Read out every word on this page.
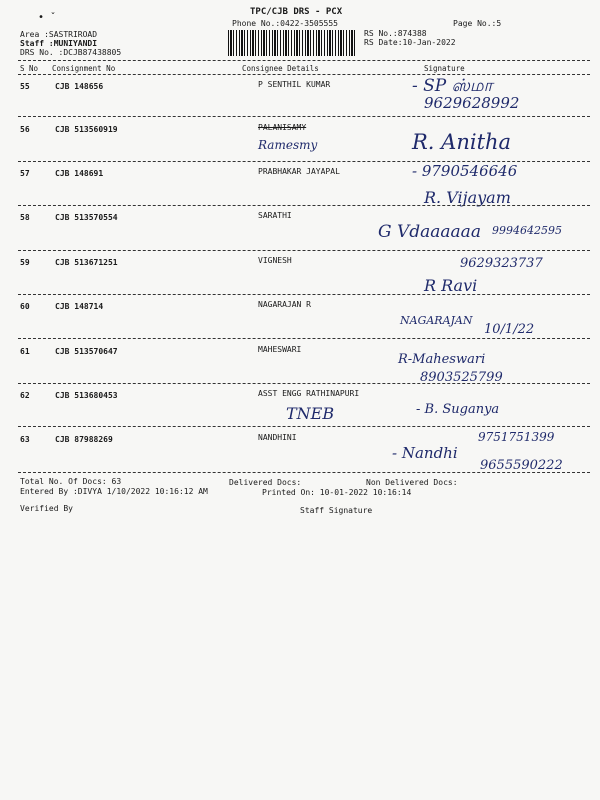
• ˇ	TPC/CJB DRS - PCX
Phone No.:0422-3505555	Page No.:5
Area :SASTRIROAD
Staff :MUNIYANDI
DRS No. :DCJB87438805
RS No.:874388
RS Date:10-Jan-2022
S No Consignment No	Consignee Details	Signature
55	CJB 148656	P SENTHIL KUMAR	- SP ஸ்மா
9629628992
56	CJB 513560919	PALANISAMY
Ramesmy	R. Anitha
57	CJB 148691	PRABHAKAR JAYAPAL	- 9790546646
R. Vijayam
58	CJB 513570554	SARATHI
G Vdaaaaaa 9994642595
59	CJB 513671251	VIGNESH	9629323737
R Ravi
60	CJB 148714	NAGARAJAN R
NAGARAJAN
10/1/22
61	CJB 513570647	MAHESWARI
R-Maheswari
8903525799
62	CJB 513680453	ASST ENGG RATHINAPURI
TNEB	- B. Suganya
63	CJB 87988269	NANDHINI
- Nandhi
9751751399
9655590222
Total No. Of Docs: 63	Delivered Docs:	Non Delivered Docs:
Entered By :DIVYA 1/10/2022 10:16:12 AM	Printed On: 10-01-2022 10:16:14
Verified By	Staff Signature
